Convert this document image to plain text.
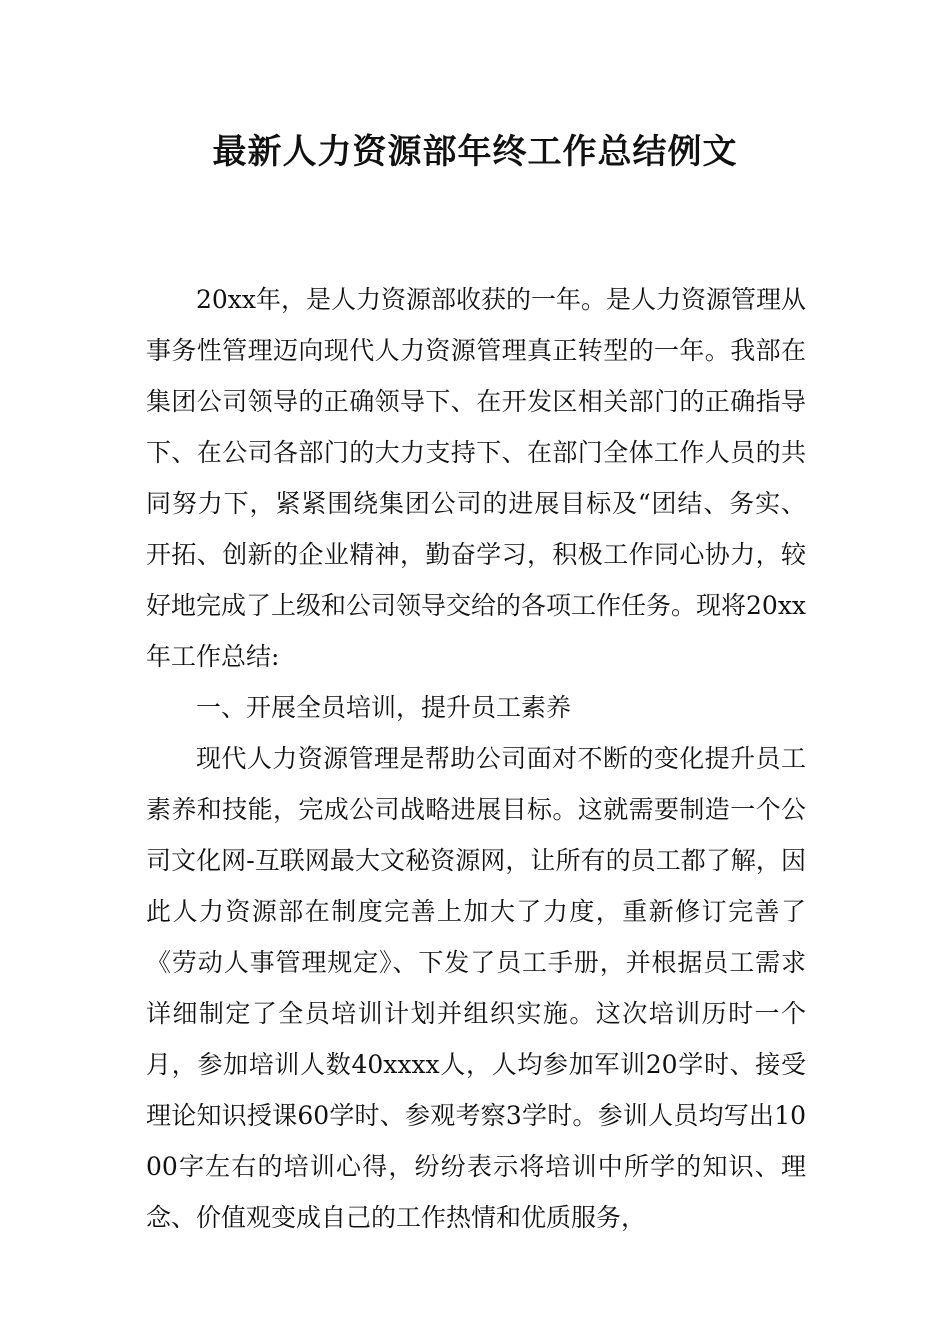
最新人力资源部年终工作总结例文

20xx年，是人力资源部收获的一年。是人力资源管理从事务性管理迈向现代人力资源管理真正转型的一年。我部在集团公司领导的正确领导下、在开发区相关部门的正确指导下、在公司各部门的大力支持下、在部门全体工作人员的共同努力下，紧紧围绕集团公司的进展目标及“团结、务实、开拓、创新的企业精神，勤奋学习，积极工作同心协力，较好地完成了上级和公司领导交给的各项工作任务。现将20xx年工作总结:

一、开展全员培训，提升员工素养

现代人力资源管理是帮助公司面对不断的变化提升员工素养和技能，完成公司战略进展目标。这就需要制造一个公司文化网-互联网最大文秘资源网，让所有的员工都了解，因此人力资源部在制度完善上加大了力度，重新修订完善了《劳动人事管理规定》、下发了员工手册，并根据员工需求详细制定了全员培训计划并组织实施。这次培训历时一个月，参加培训人数40xxxx人，人均参加军训20学时、接受理论知识授课60学时、参观考察3学时。参训人员均写出1000字左右的培训心得，纷纷表示将培训中所学的知识、理念、价值观变成自己的工作热情和优质服务，
